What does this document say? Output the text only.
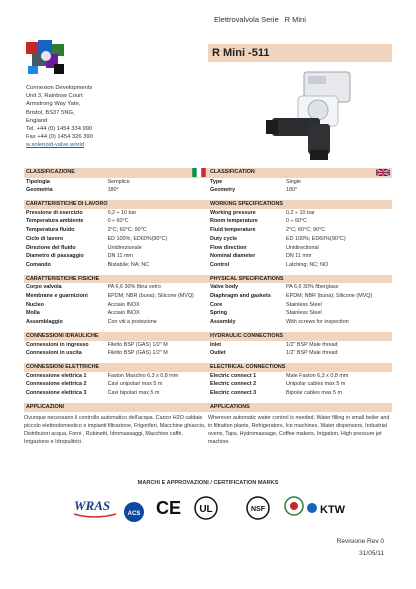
Elettrovalvola Serie R Mini
Connexion Developments
Unit 3, Rainbow Court
Armstrong Way Yate,
Bristol, BS37 5NG,
England
Tel. +44 (0) 1454 334 990
Fax +44 (0) 1454 326 390
w.solenoid-valve.world
R Mini -511
CLASSIFICAZIONE	
Tipologia	Semplice
Geometria	180°

CARATTERISTICHE DI LAVORO	
Pressione di esercizio	0,2 ÷ 10 bar
Temperatura ambiente	0 ÷ 60°C
Temperatura fluido	2°C; 60°C; 90°C
Ciclo di lavoro	ED 100%; ED60%(90°C)
Direzione del fluido	Unidirezionale
Diametro di passaggio	DN 11 mm
Comando	Bistabile; NA; NC

CARATTERISTICHE FISICHE	
Corpo valvola	PA 6,6 30% fibra vetro
Membrane e guarnizioni	EPDM; NBR (buna); Silicone (MVQ)
Nucleo	Acciaio INOX
Molla	Acciaio INOX
Assemblaggio	Con viti a protezione

CONNESSIONI IDRAULICHE	
Connessioni in ingresso	Filetto BSP (GAS) 1/2" M
Connessioni in uscita	Filetto BSP (GAS) 1/2" M

CONNESSIONI ELETTRICHE	
Connessione elettrica 1	Faston Maschio 6,3 x 0,8 mm
Connessione elettrica 2	Cavi unipolari max 5 m
Connessione elettrica 3	Cavi bipolari max 5 m

APPLICAZIONI	
Ovunque necessario il controllo automatico dell'acqua. Carico H2O caldaie piccolo elettrodomestico e impianti filtrazione, Frigoriferi, Macchine ghiaccio, Distributori acqua, Forni , Rubinetti, Idromassaggi, Macchine caffè, Irrigazione e Idropulitrici.
CLASSIFICATION	
Type	Single
Geometry	180°

WORKING SPECIFICATIONS	
Working pressure	0,2 ÷ 10 bar
Room temperature	0 ÷ 60°C
Fluid temperature	2°C; 60°C; 90°C
Duty cycle	ED 100%; ED60%(90°C)
Flow direction	Unidirectional
Nominal diameter	DN 11 mm
Control	Latching; NC; NO

PHYSICAL SPECIFICATIONS	
Valve body	PA 6,6 30% fiberglass
Diaphragm and gaskets	EPDM; NBR (buna); Silicone (MVQ)
Core	Stainless Steel
Spring	Stainless Steel
Assembly	With screws for inspection

HYDRAULIC CONNECTIONS	
Inlet	1/2" BSP Male thread
Outlet	1/2" BSP Male thread

ELECTRICAL CONNECTIONS	
Electric connect 1	Male Faston 6,3 x 0,8 mm
Electric connect 2	Unipolar cables max 5 m
Electric connect 3	Bipolar cables max 5 m

APPLICATIONS	
Wherever automatic water control is needed. Water filling in small boiler and in filtration plants, Refrigerators, Ice machines, Water dispensers, Industrial ovens, Taps, Hydromassage, Coffee makers, Irrigation, High pressure jet machine.
MARCHI E APPROVAZIONI / CERTIFICATION MARKS
WRAS
ACS CE UL	NSF	KTW
Revisione Rev 0
31/05/11
